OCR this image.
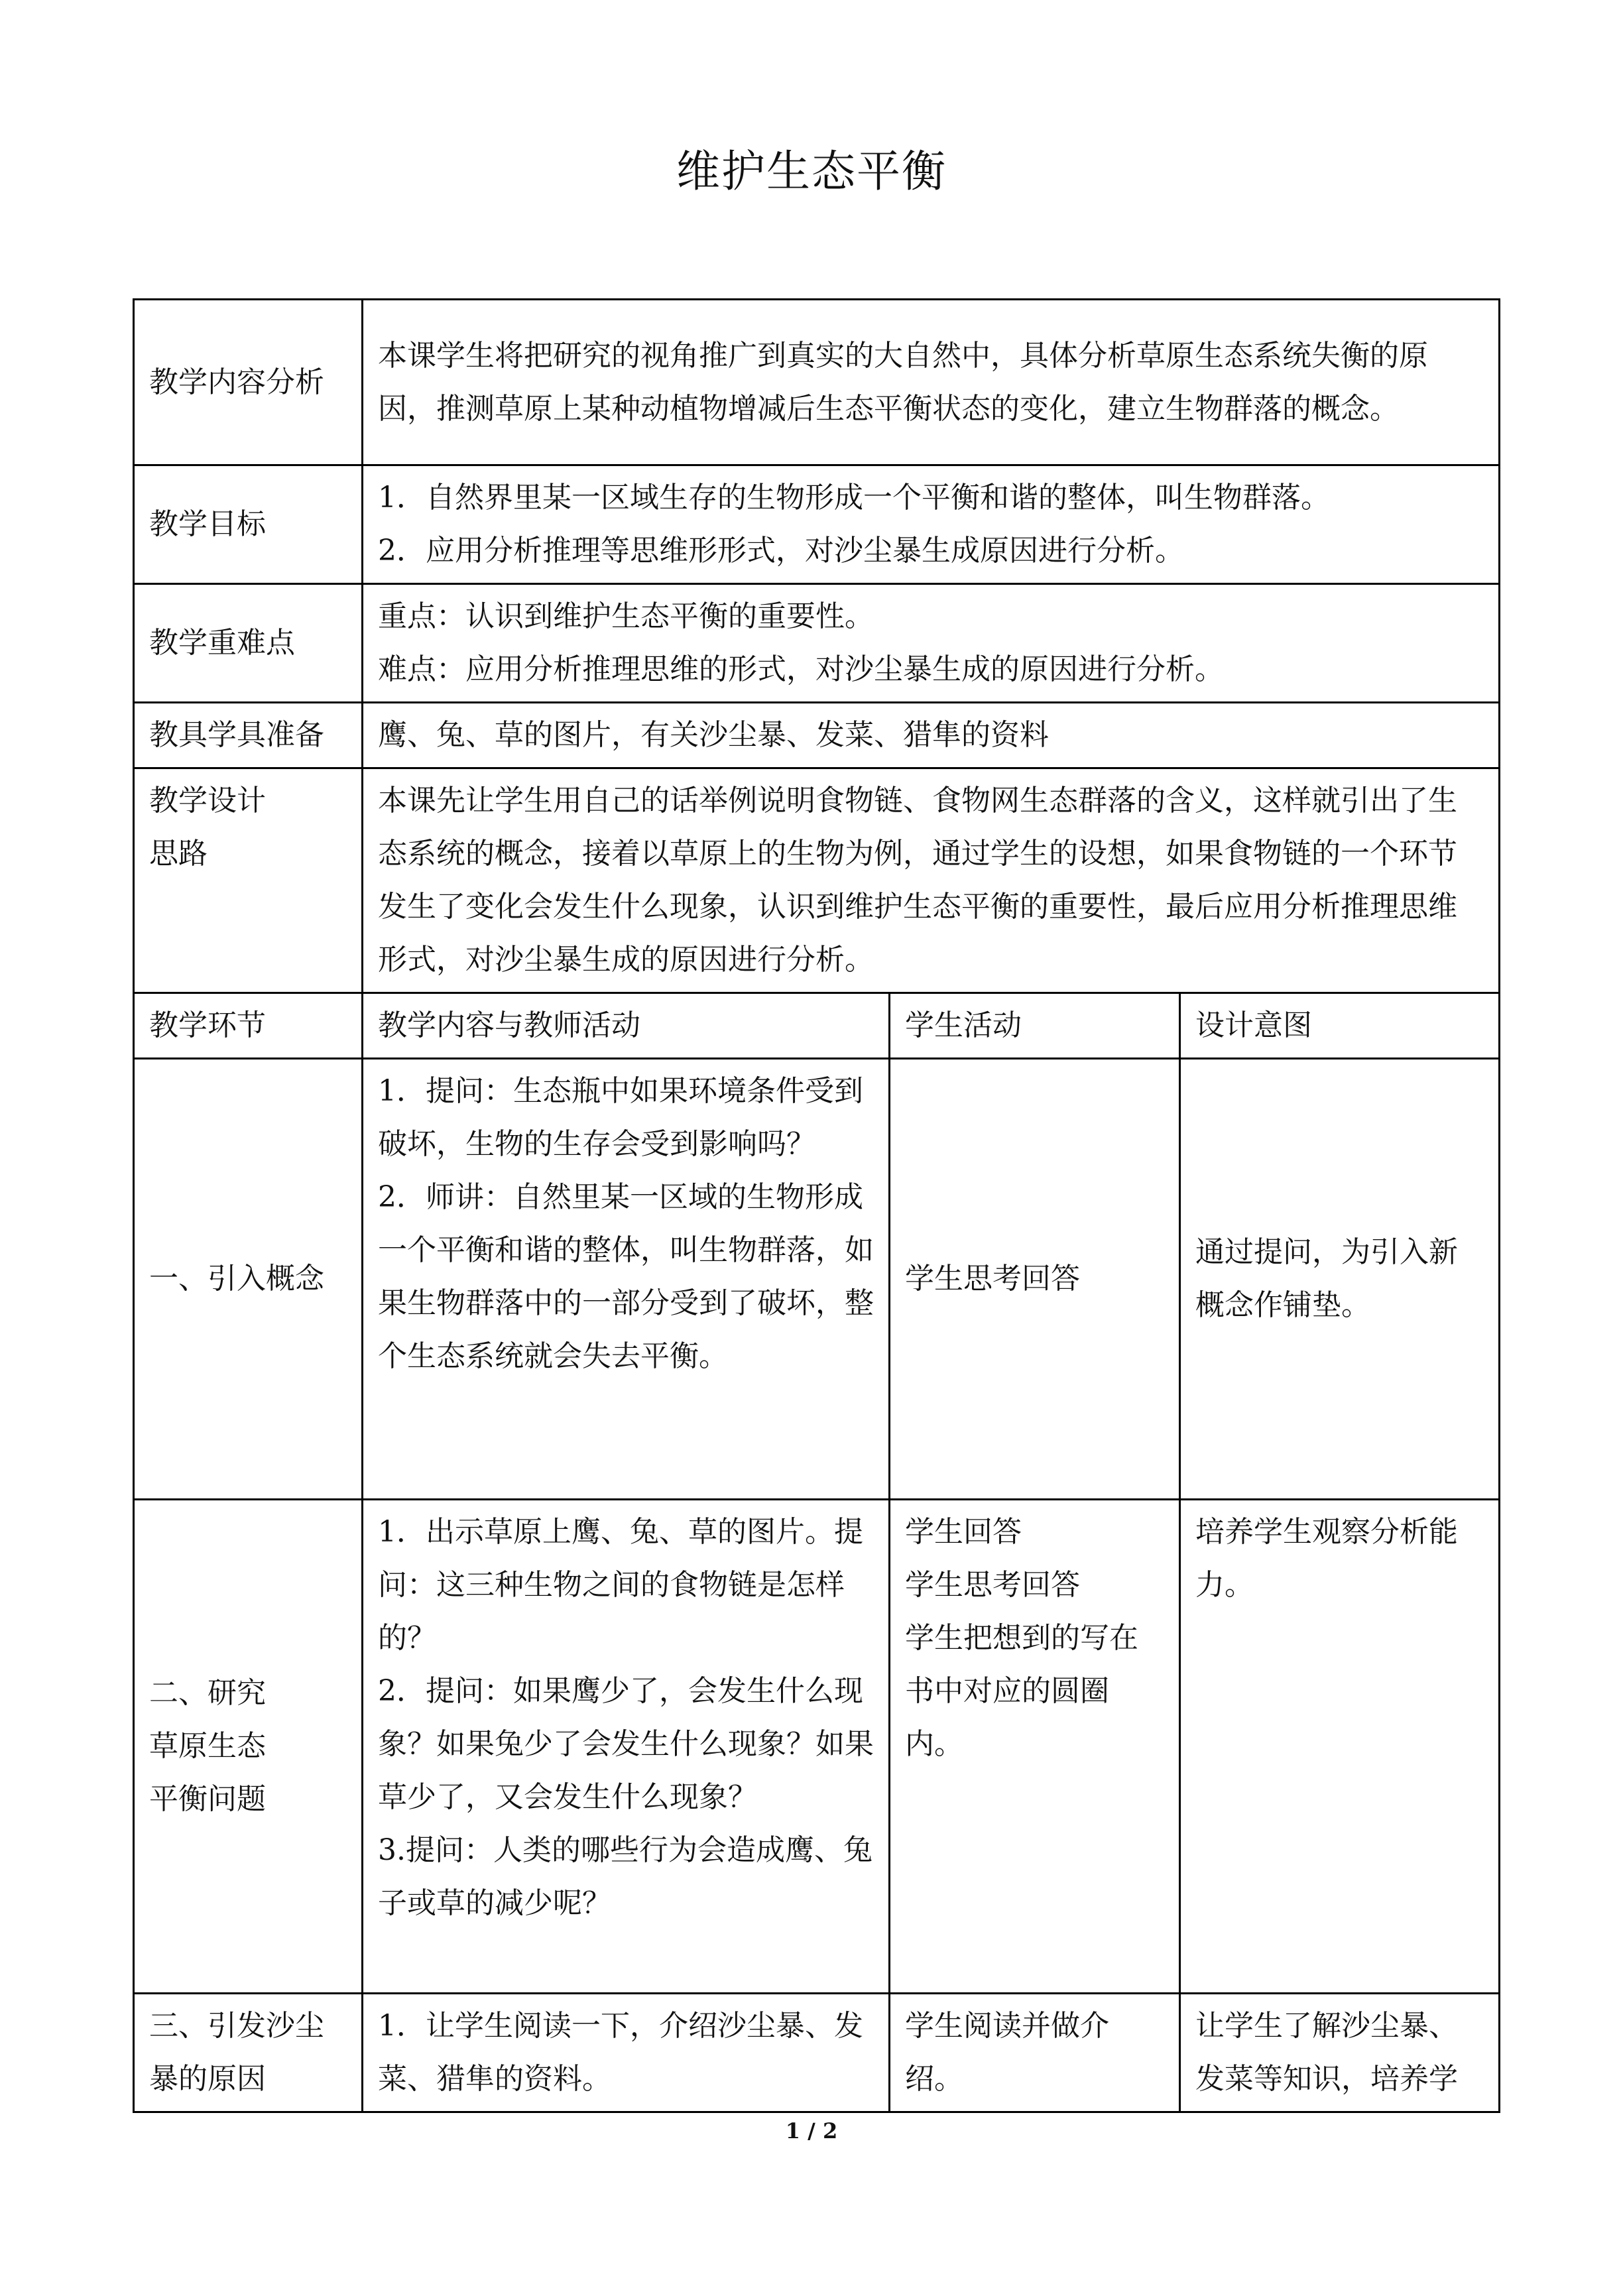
维护生态平衡
教学内容分析	本课学生将把研究的视角推广到真实的大自然中，具体分析草原生态系统失衡的原因，推测草原上某种动植物增减后生态平衡状态的变化，建立生物群落的概念。		
教学目标	1．自然界里某一区域生存的生物形成一个平衡和谐的整体，叫生物群落。
2．应用分析推理等思维形形式，对沙尘暴生成原因进行分析。		

教学重难点	重点：认识到维护生态平衡的重要性。
难点：应用分析推理思维的形式，对沙尘暴生成的原因进行分析。		

教具学具准备	鹰、兔、草的图片，有关沙尘暴、发菜、猎隼的资料		

教学设计
思路	本课先让学生用自己的话举例说明食物链、食物网生态群落的含义，这样就引出了生态系统的概念，接着以草原上的生物为例，通过学生的设想，如果食物链的一个环节发生了变化会发生什么现象，认识到维护生态平衡的重要性，最后应用分析推理思维形式，对沙尘暴生成的原因进行分析。		
教学环节	教学内容与教师活动	学生活动	设计意图
一、引入概念	1．提问：生态瓶中如果环境条件受到破坏，生物的生存会受到影响吗？
2．师讲：自然里某一区域的生物形成一个平衡和谐的整体，叫生物群落，如果生物群落中的一部分受到了破坏，整个生态系统就会失去平衡。	学生思考回答	通过提问，为引入新概念作铺垫。

二、研究
草原生态
平衡问题	1．出示草原上鹰、兔、草的图片。提问：这三种生物之间的食物链是怎样的？
2．提问：如果鹰少了，会发生什么现象？如果兔少了会发生什么现象？如果草少了，又会发生什么现象？
3.提问：人类的哪些行为会造成鹰、兔子或草的减少呢？	学生回答
学生思考回答
学生把想到的写在书中对应的圆圈内。	培养学生观察分析能力。
三、引发沙尘暴的原因	1．让学生阅读一下，介绍沙尘暴、发菜、猎隼的资料。	学生阅读并做介绍。	让学生了解沙尘暴、发菜等知识，培养学
1 / 2
